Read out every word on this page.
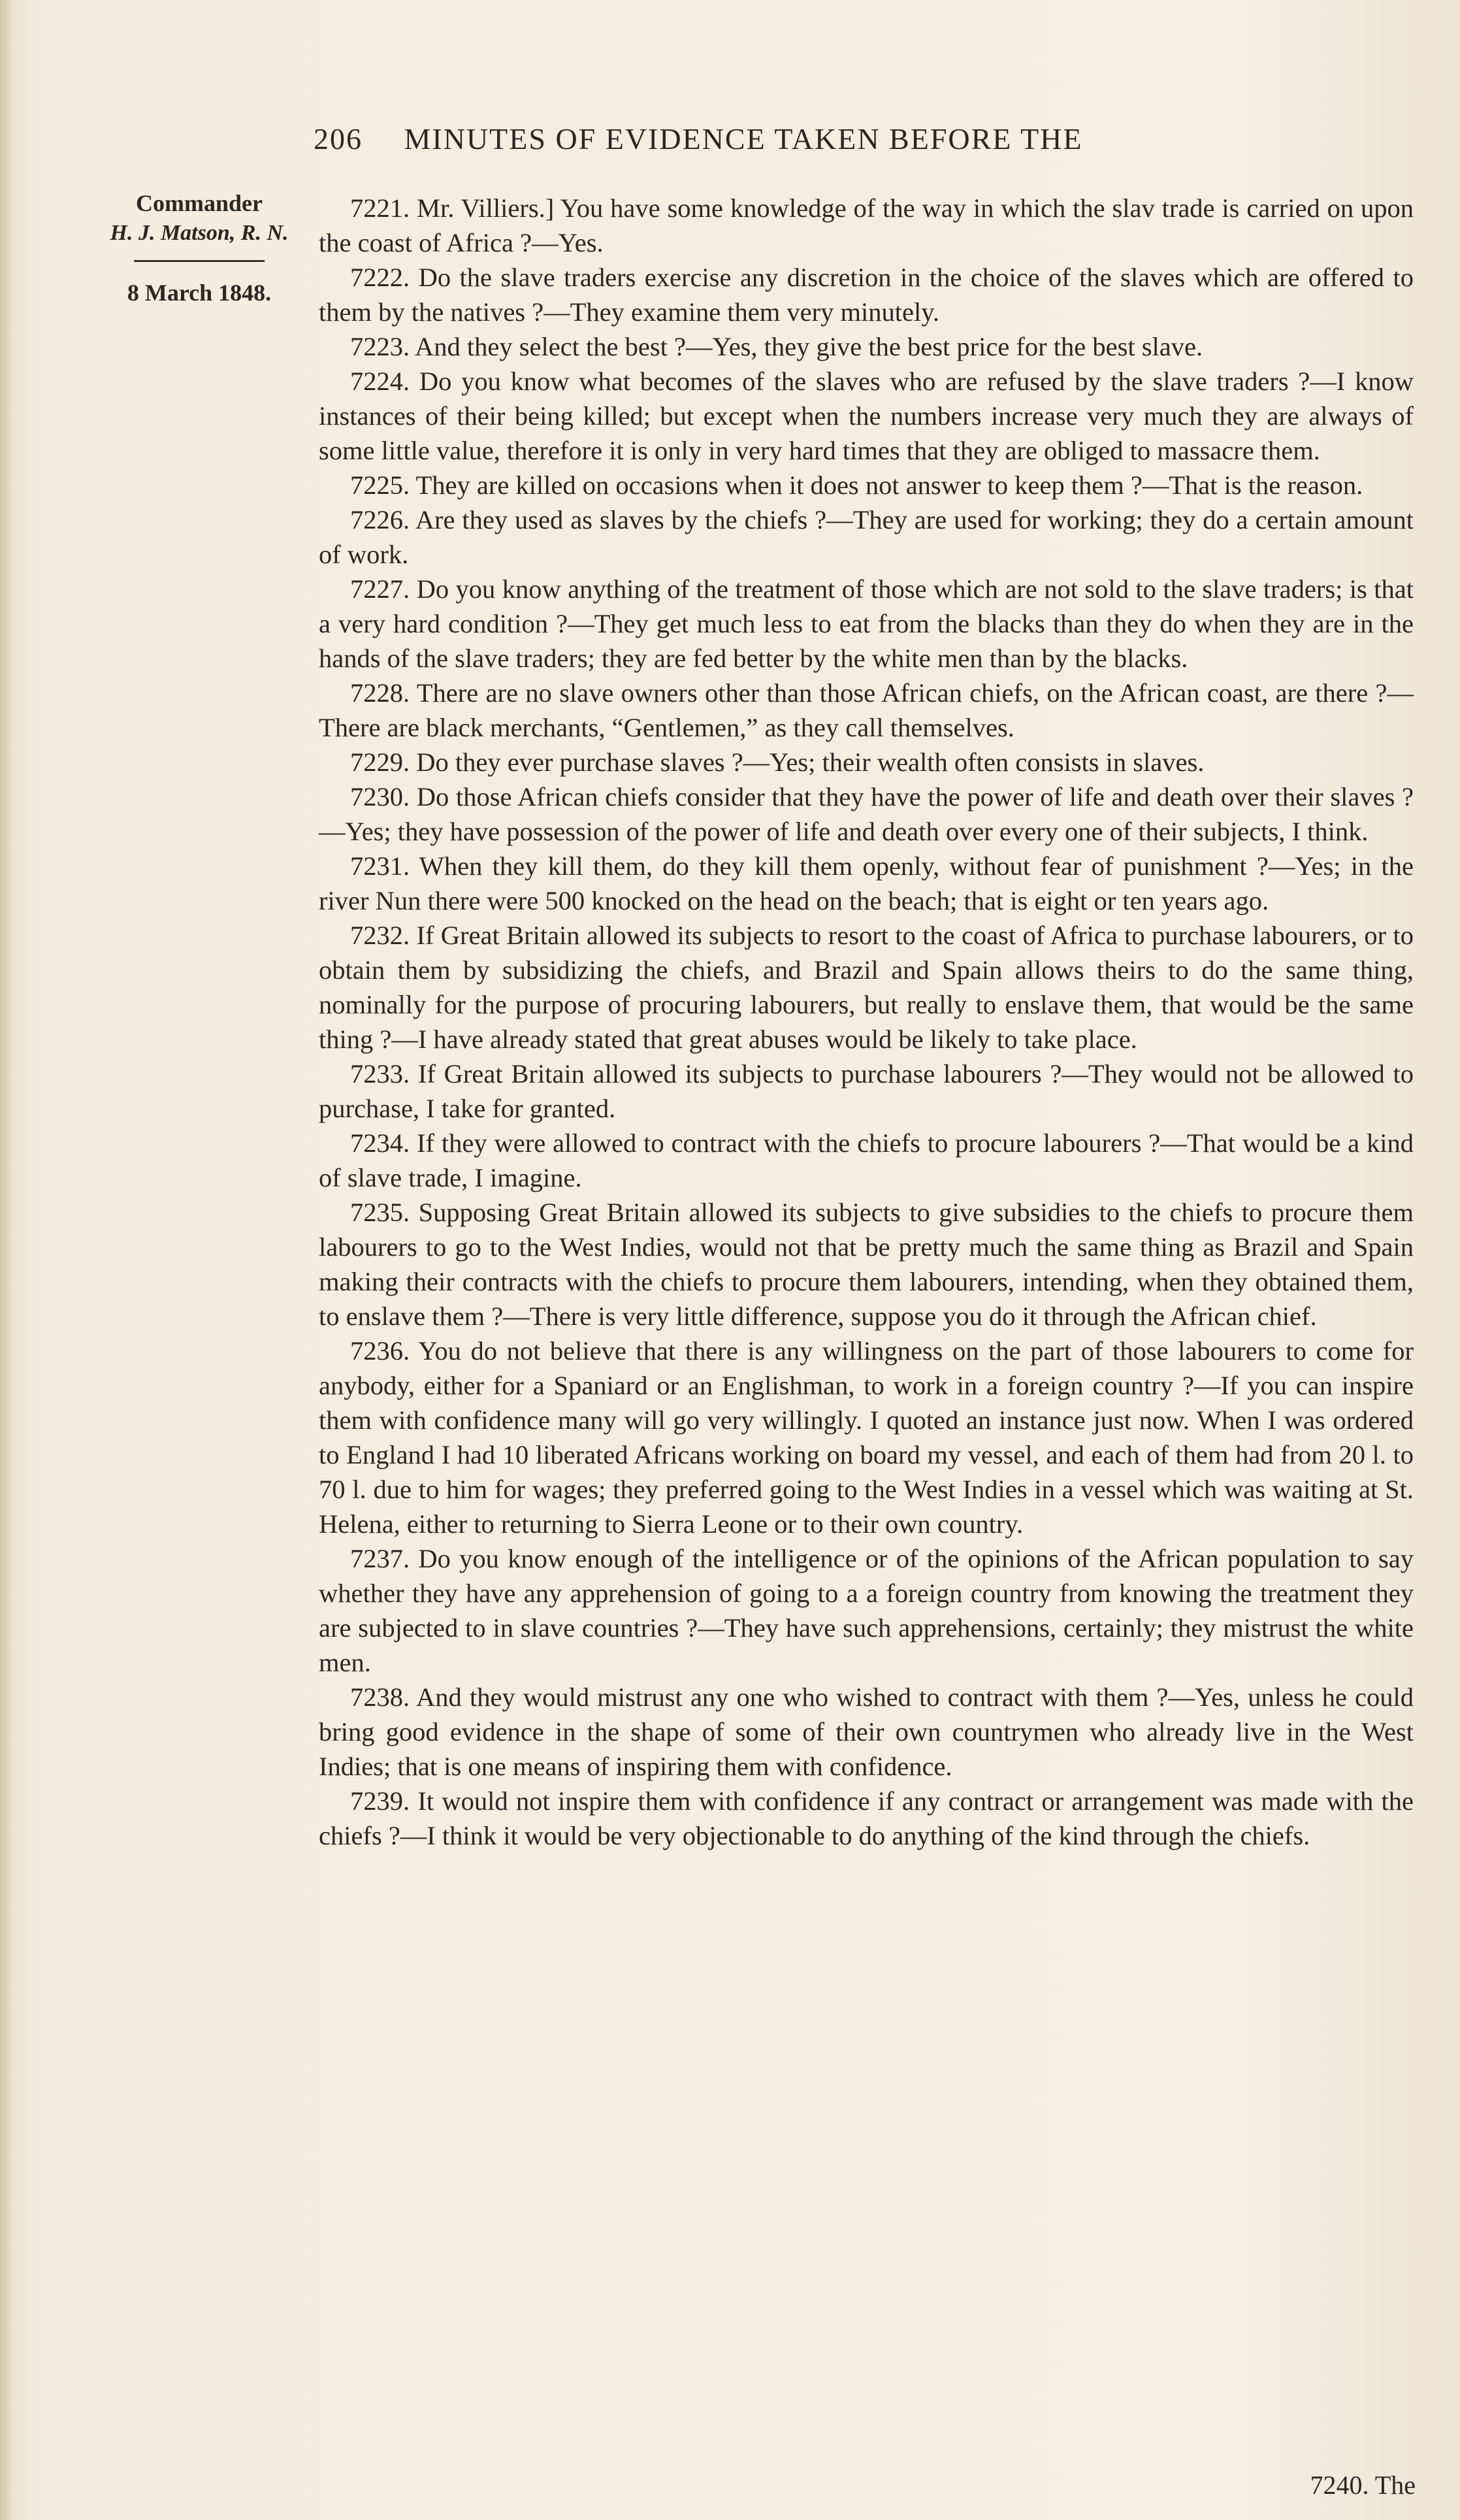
206 MINUTES OF EVIDENCE TAKEN BEFORE THE
Commander
H. J. Matson, R. N.
8 March 1848.

7221. Mr. Villiers.] You have some knowledge of the way in which the slav trade is carried on upon the coast of Africa ?—Yes.

7222. Do the slave traders exercise any discretion in the choice of the slaves which are offered to them by the natives ?—They examine them very minutely.

7223. And they select the best ?—Yes, they give the best price for the best slave.

7224. Do you know what becomes of the slaves who are refused by the slave traders ?—I know instances of their being killed; but except when the numbers increase very much they are always of some little value, therefore it is only in very hard times that they are obliged to massacre them.

7225. They are killed on occasions when it does not answer to keep them ?—That is the reason.

7226. Are they used as slaves by the chiefs ?—They are used for working; they do a certain amount of work.

7227. Do you know anything of the treatment of those which are not sold to the slave traders; is that a very hard condition ?—They get much less to eat from the blacks than they do when they are in the hands of the slave traders; they are fed better by the white men than by the blacks.

7228. There are no slave owners other than those African chiefs, on the African coast, are there ?—There are black merchants, “Gentlemen,” as they call themselves.

7229. Do they ever purchase slaves ?—Yes; their wealth often consists in slaves.

7230. Do those African chiefs consider that they have the power of life and death over their slaves ?—Yes; they have possession of the power of life and death over every one of their subjects, I think.

7231. When they kill them, do they kill them openly, without fear of punishment ?—Yes; in the river Nun there were 500 knocked on the head on the beach; that is eight or ten years ago.

7232. If Great Britain allowed its subjects to resort to the coast of Africa to purchase labourers, or to obtain them by subsidizing the chiefs, and Brazil and Spain allows theirs to do the same thing, nominally for the purpose of procuring labourers, but really to enslave them, that would be the same thing ?—I have already stated that great abuses would be likely to take place.

7233. If Great Britain allowed its subjects to purchase labourers ?—They would not be allowed to purchase, I take for granted.

7234. If they were allowed to contract with the chiefs to procure labourers ?—That would be a kind of slave trade, I imagine.

7235. Supposing Great Britain allowed its subjects to give subsidies to the chiefs to procure them labourers to go to the West Indies, would not that be pretty much the same thing as Brazil and Spain making their contracts with the chiefs to procure them labourers, intending, when they obtained them, to enslave them ?—There is very little difference, suppose you do it through the African chief.

7236. You do not believe that there is any willingness on the part of those labourers to come for anybody, either for a Spaniard or an Englishman, to work in a foreign country ?—If you can inspire them with confidence many will go very willingly. I quoted an instance just now. When I was ordered to England I had 10 liberated Africans working on board my vessel, and each of them had from 20 l. to 70 l. due to him for wages; they preferred going to the West Indies in a vessel which was waiting at St. Helena, either to returning to Sierra Leone or to their own country.

7237. Do you know enough of the intelligence or of the opinions of the African population to say whether they have any apprehension of going to a a foreign country from knowing the treatment they are subjected to in slave countries ?—They have such apprehensions, certainly; they mistrust the white men.

7238. And they would mistrust any one who wished to contract with them ?—Yes, unless he could bring good evidence in the shape of some of their own countrymen who already live in the West Indies; that is one means of inspiring them with confidence.

7239. It would not inspire them with confidence if any contract or arrangement was made with the chiefs ?—I think it would be very objectionable to do anything of the kind through the chiefs.

7240. The
